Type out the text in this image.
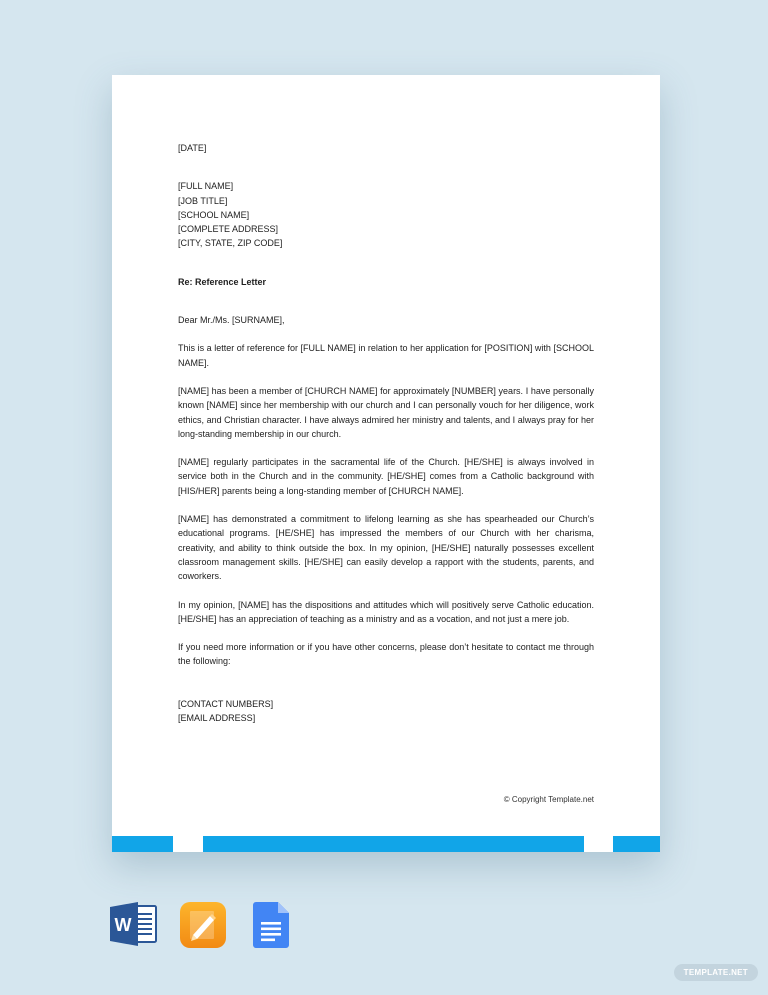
[DATE]

[FULL NAME]

[JOB TITLE]

[SCHOOL NAME]

[COMPLETE ADDRESS]

[CITY, STATE, ZIP CODE]

Re: Reference Letter

Dear Mr./Ms. [SURNAME],

This is a letter of reference for [FULL NAME] in relation to her application for [POSITION] with [SCHOOL NAME].

[NAME] has been a member of [CHURCH NAME] for approximately [NUMBER] years. I have personally known [NAME] since her membership with our church and I can personally vouch for her diligence, work ethics, and Christian character. I have always admired her ministry and talents, and I always pray for her long-standing membership in our church.

[NAME] regularly participates in the sacramental life of the Church. [HE/SHE] is always involved in service both in the Church and in the community. [HE/SHE] comes from a Catholic background with [HIS/HER] parents being a long-standing member of [CHURCH NAME].

[NAME] has demonstrated a commitment to lifelong learning as she has spearheaded our Church’s educational programs. [HE/SHE] has impressed the members of our Church with her charisma, creativity, and ability to think outside the box. In my opinion, [HE/SHE] naturally possesses excellent classroom management skills. [HE/SHE] can easily develop a rapport with the students, parents, and coworkers.

In my opinion, [NAME] has the dispositions and attitudes which will positively serve Catholic education. [HE/SHE] has an appreciation of teaching as a ministry and as a vocation, and not just a mere job.

If you need more information or if you have other concerns, please don’t hesitate to contact me through the following:

[CONTACT NUMBERS]

[EMAIL ADDRESS]

© Copyright Template.net
W
TEMPLATE.NET
